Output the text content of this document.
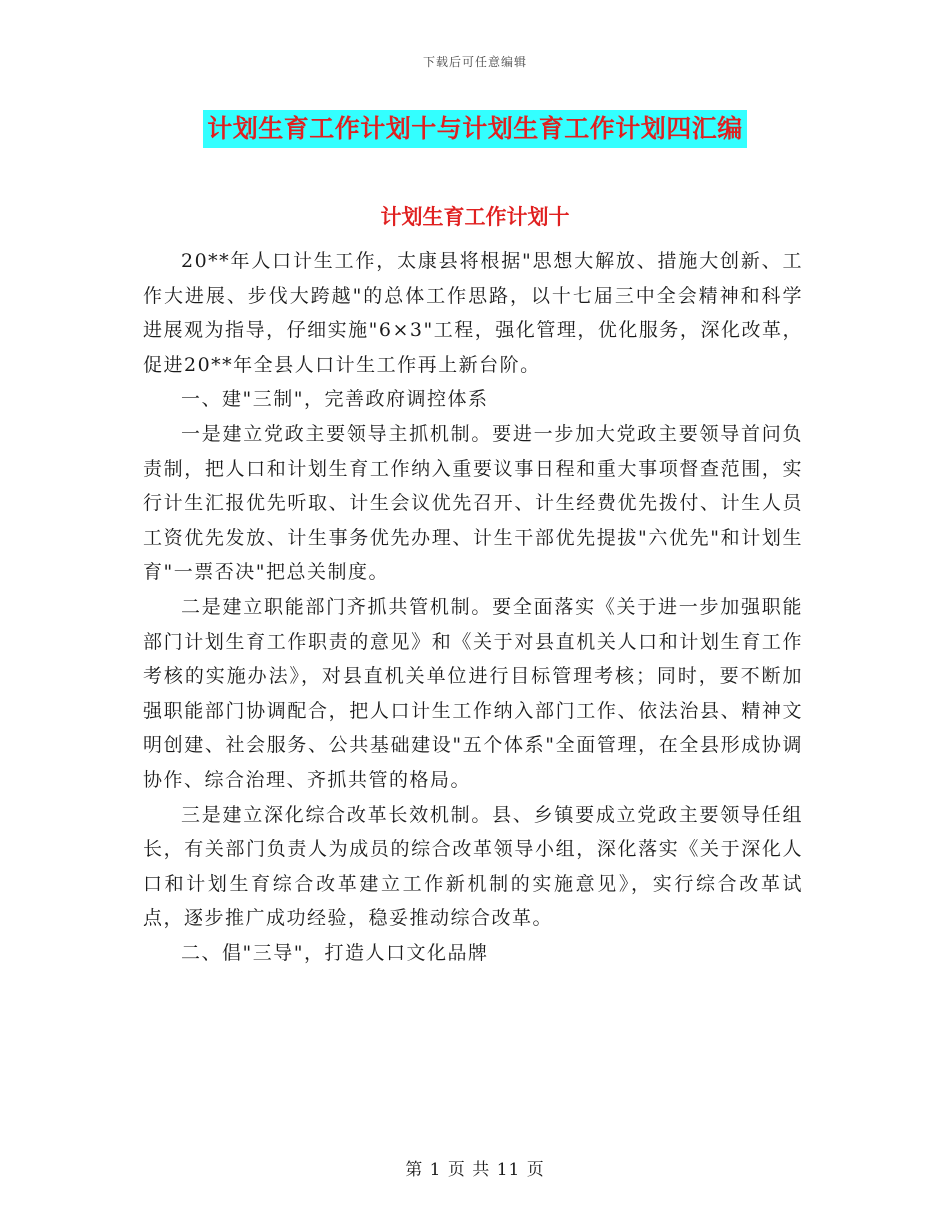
下载后可任意编辑
计划生育工作计划十与计划生育工作计划四汇编
计划生育工作计划十

20**年人口计生工作，太康县将根据"思想大解放、措施大创新、工作大进展、步伐大跨越"的总体工作思路，以十七届三中全会精神和科学进展观为指导，仔细实施"6×3"工程，强化管理，优化服务，深化改革，促进20**年全县人口计生工作再上新台阶。

一、建"三制"，完善政府调控体系

一是建立党政主要领导主抓机制。要进一步加大党政主要领导首问负责制，把人口和计划生育工作纳入重要议事日程和重大事项督查范围，实行计生汇报优先听取、计生会议优先召开、计生经费优先拨付、计生人员工资优先发放、计生事务优先办理、计生干部优先提拔"六优先"和计划生育"一票否决"把总关制度。

二是建立职能部门齐抓共管机制。要全面落实《关于进一步加强职能部门计划生育工作职责的意见》和《关于对县直机关人口和计划生育工作考核的实施办法》，对县直机关单位进行目标管理考核；同时，要不断加强职能部门协调配合，把人口计生工作纳入部门工作、依法治县、精神文明创建、社会服务、公共基础建设"五个体系"全面管理，在全县形成协调协作、综合治理、齐抓共管的格局。

三是建立深化综合改革长效机制。县、乡镇要成立党政主要领导任组长，有关部门负责人为成员的综合改革领导小组，深化落实《关于深化人口和计划生育综合改革建立工作新机制的实施意见》，实行综合改革试点，逐步推广成功经验，稳妥推动综合改革。

二、倡"三导"，打造人口文化品牌

第 1 页 共 11 页
